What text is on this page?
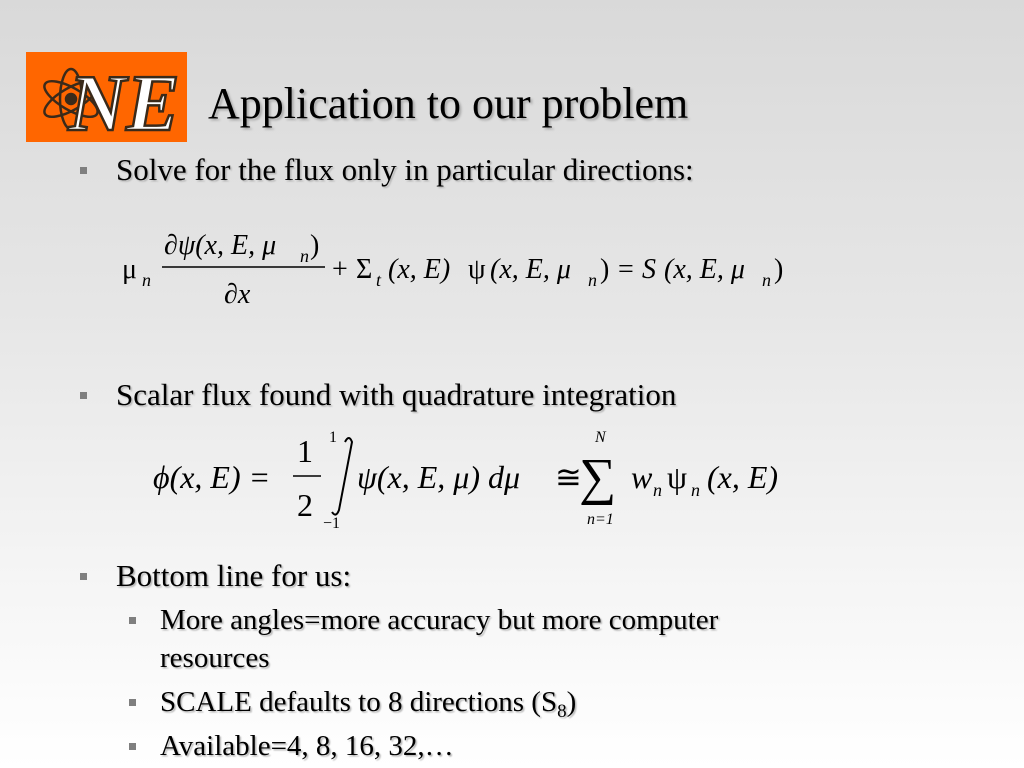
NE Application to our problem
Solve for the flux only in particular directions:
μ n
∂ψ(x, E, μ n )
∂x
+ Σ t (x, E) ψ (x, E, μ n ) = S (x, E, μ n )
Scalar flux found with quadrature integration
ϕ(x, E) =
1
2
1
−1
ψ(x, E, μ) dμ ≅
N
∑
n=1
w n ψ n (x, E)
Bottom line for us:
More angles=more accuracy but more computer
resources
SCALE defaults to 8 directions $(S_8)$
Available=4, 8, 16, 32,…
